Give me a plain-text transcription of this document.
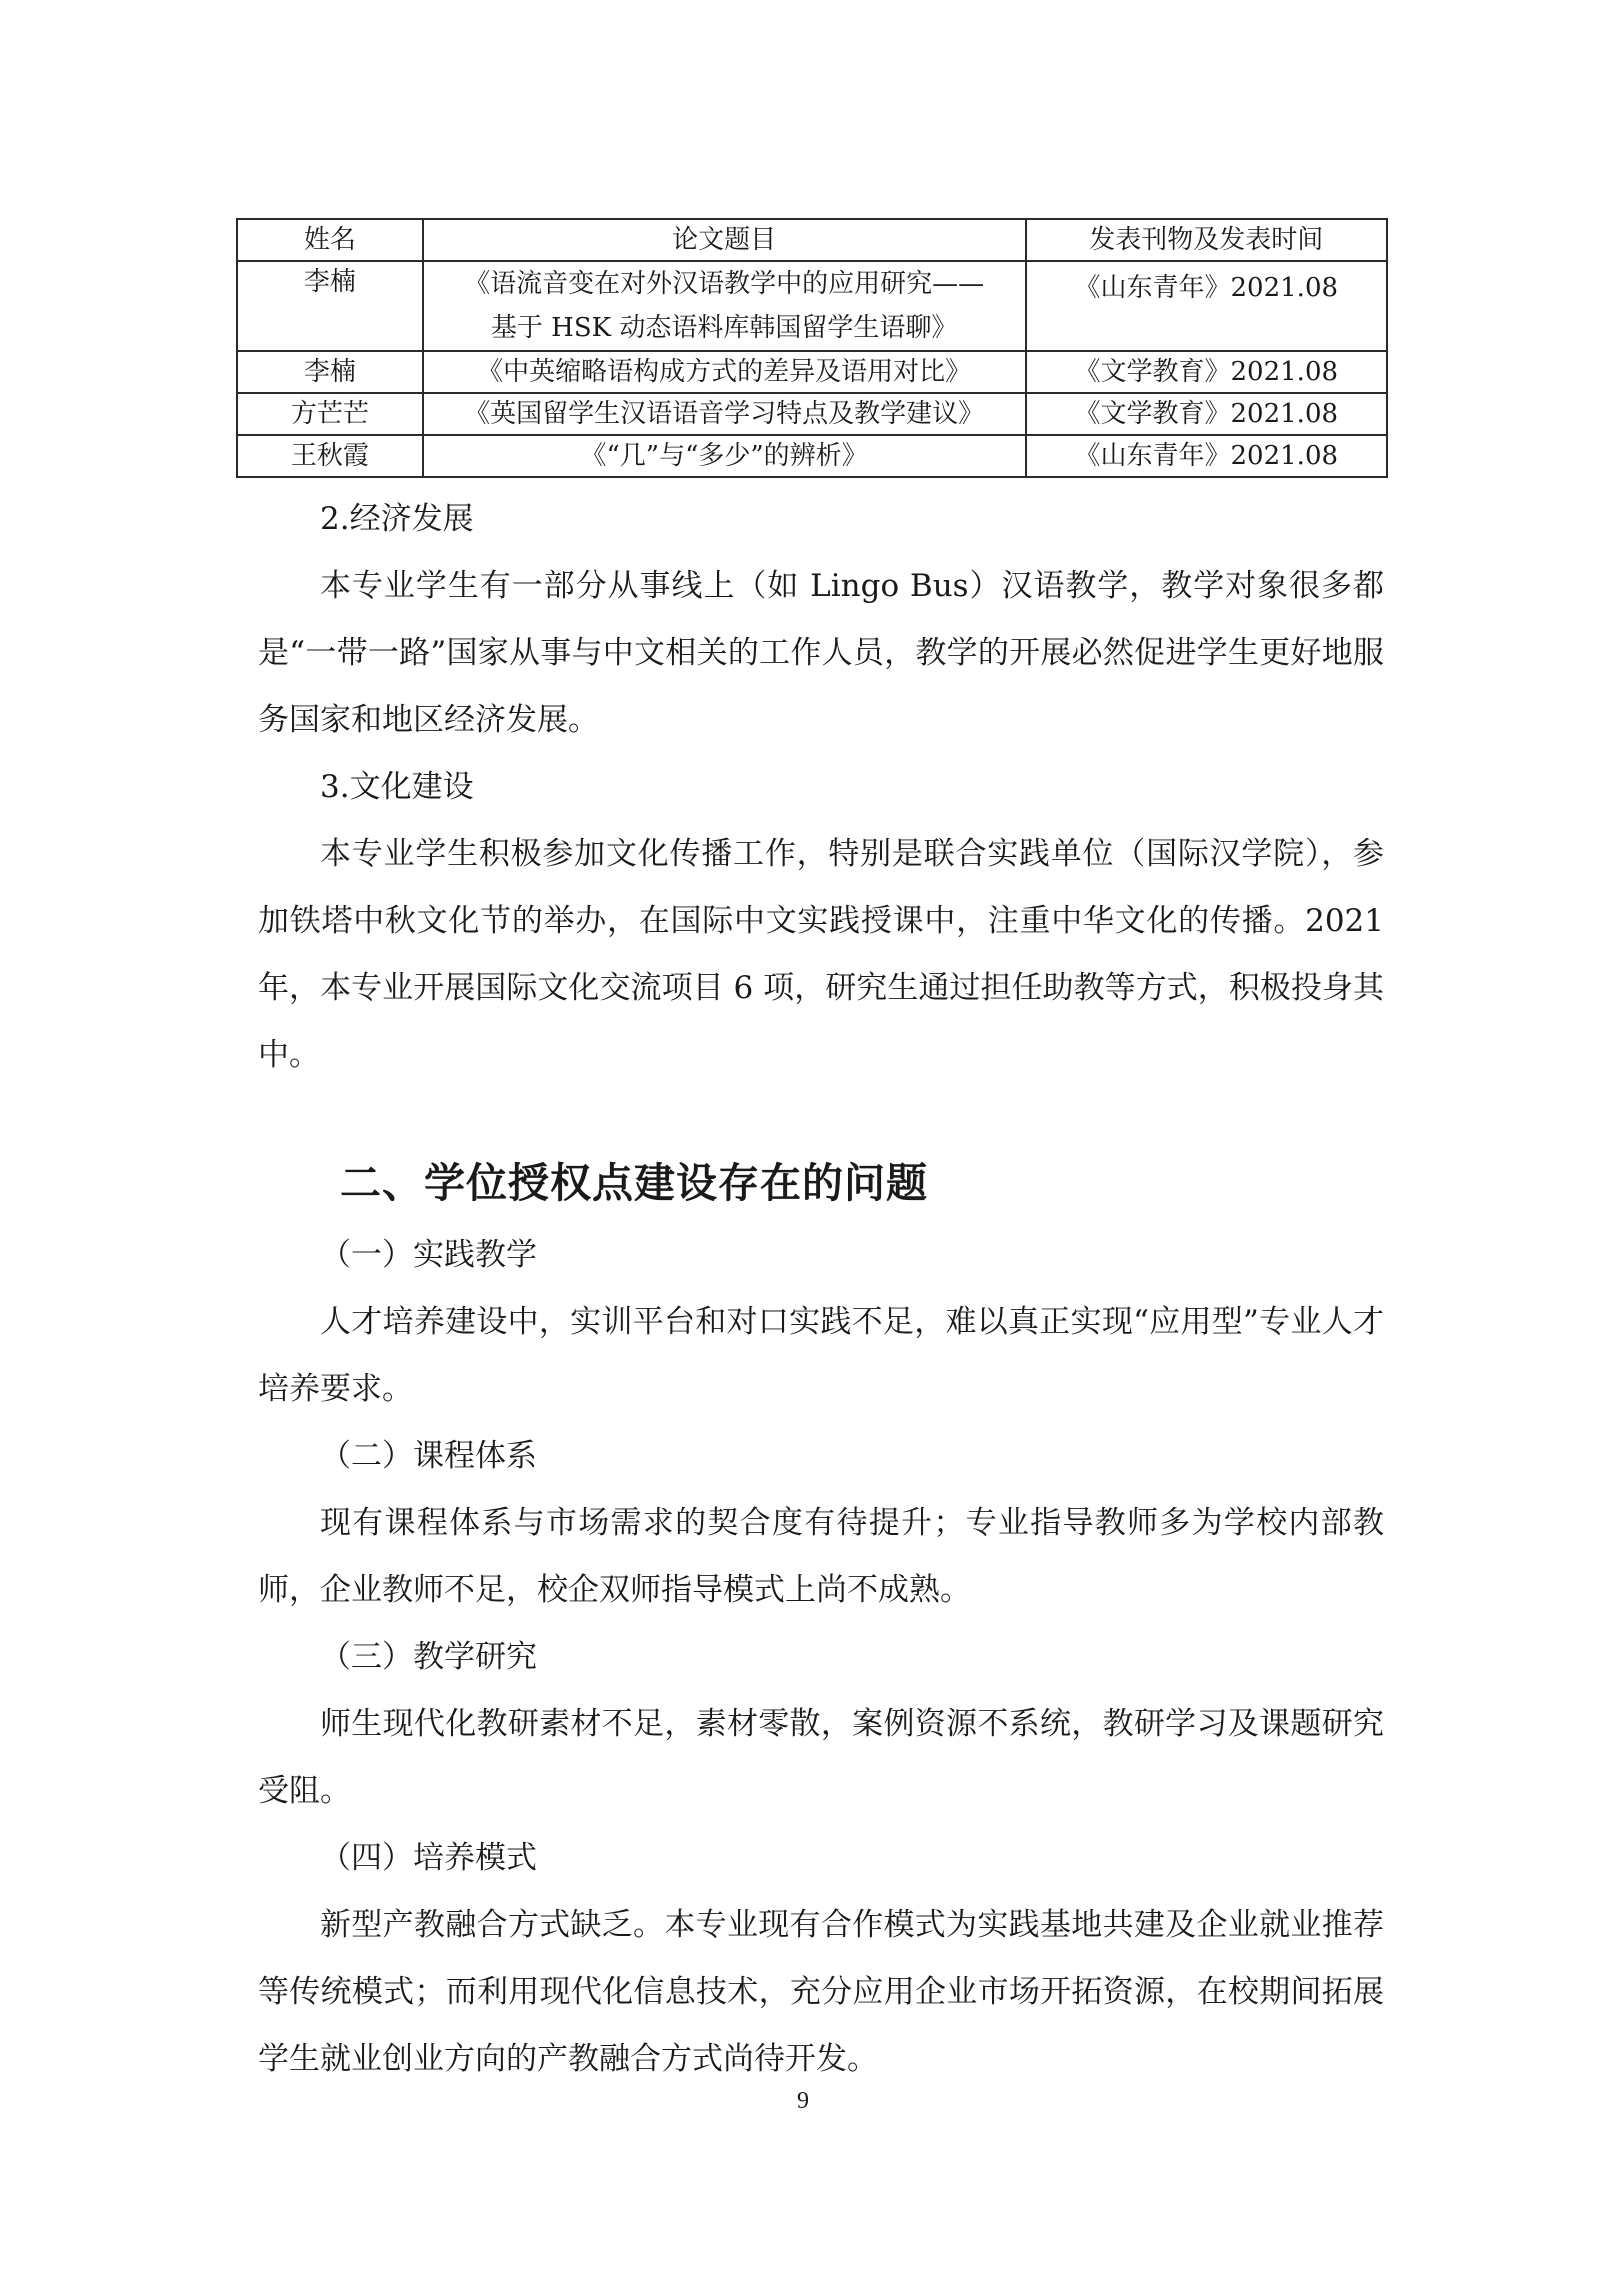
姓名	论文题目	发表刊物及发表时间
李楠	《语流音变在对外汉语教学中的应用研究——
基于 HSK 动态语料库韩国留学生语聊》	《山东青年》2021.08
李楠	《中英缩略语构成方式的差异及语用对比》	《文学教育》2021.08
方芒芒	《英国留学生汉语语音学习特点及教学建议》	《文学教育》2021.08
王秋霞	《“几”与“多少”的辨析》	《山东青年》2021.08

2.经济发展

本专业学生有一部分从事线上（如 Lingo Bus）汉语教学，教学对象很多都是“一带一路”国家从事与中文相关的工作人员，教学的开展必然促进学生更好地服务国家和地区经济发展。

3.文化建设

本专业学生积极参加文化传播工作，特别是联合实践单位（国际汉学院），参加铁塔中秋文化节的举办，在国际中文实践授课中，注重中华文化的传播。2021年，本专业开展国际文化交流项目 6 项，研究生通过担任助教等方式，积极投身其中。

二、学位授权点建设存在的问题

（一）实践教学

人才培养建设中，实训平台和对口实践不足，难以真正实现“应用型”专业人才培养要求。

（二）课程体系

现有课程体系与市场需求的契合度有待提升；专业指导教师多为学校内部教师，企业教师不足，校企双师指导模式上尚不成熟。

（三）教学研究

师生现代化教研素材不足，素材零散，案例资源不系统，教研学习及课题研究受阻。

（四）培养模式

新型产教融合方式缺乏。本专业现有合作模式为实践基地共建及企业就业推荐等传统模式；而利用现代化信息技术，充分应用企业市场开拓资源，在校期间拓展学生就业创业方向的产教融合方式尚待开发。

9
